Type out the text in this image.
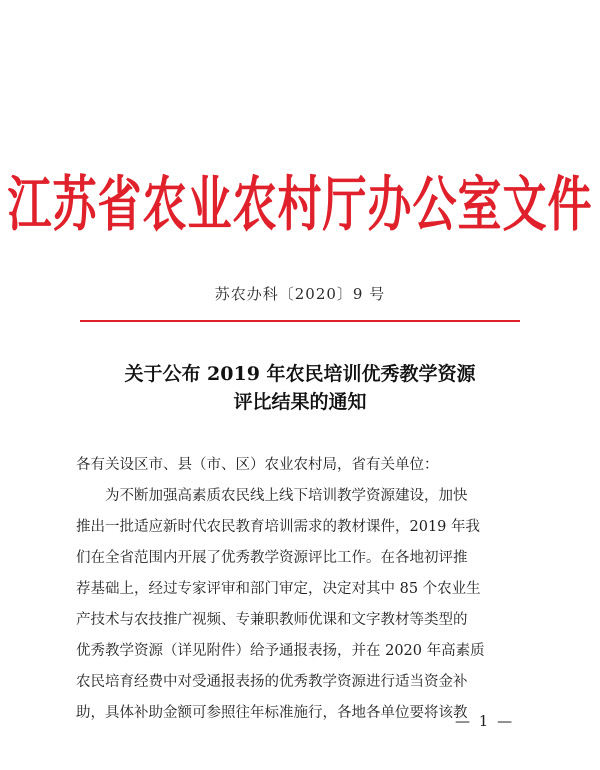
江苏省农业农村厅办公室文件
苏农办科〔2020〕9 号
关于公布 2019 年农民培训优秀教学资源
评比结果的通知
各有关设区市、县（市、区）农业农村局，省有关单位：
为不断加强高素质农民线上线下培训教学资源建设，加快
推出一批适应新时代农民教育培训需求的教材课件，2019 年我
们在全省范围内开展了优秀教学资源评比工作。在各地初评推
荐基础上，经过专家评审和部门审定，决定对其中 85 个农业生
产技术与农技推广视频、专兼职教师优课和文字教材等类型的
优秀教学资源（详见附件）给予通报表扬，并在 2020 年高素质
农民培育经费中对受通报表扬的优秀教学资源进行适当资金补
助，具体补助金额可参照往年标准施行，各地各单位要将该教
— 1 —
